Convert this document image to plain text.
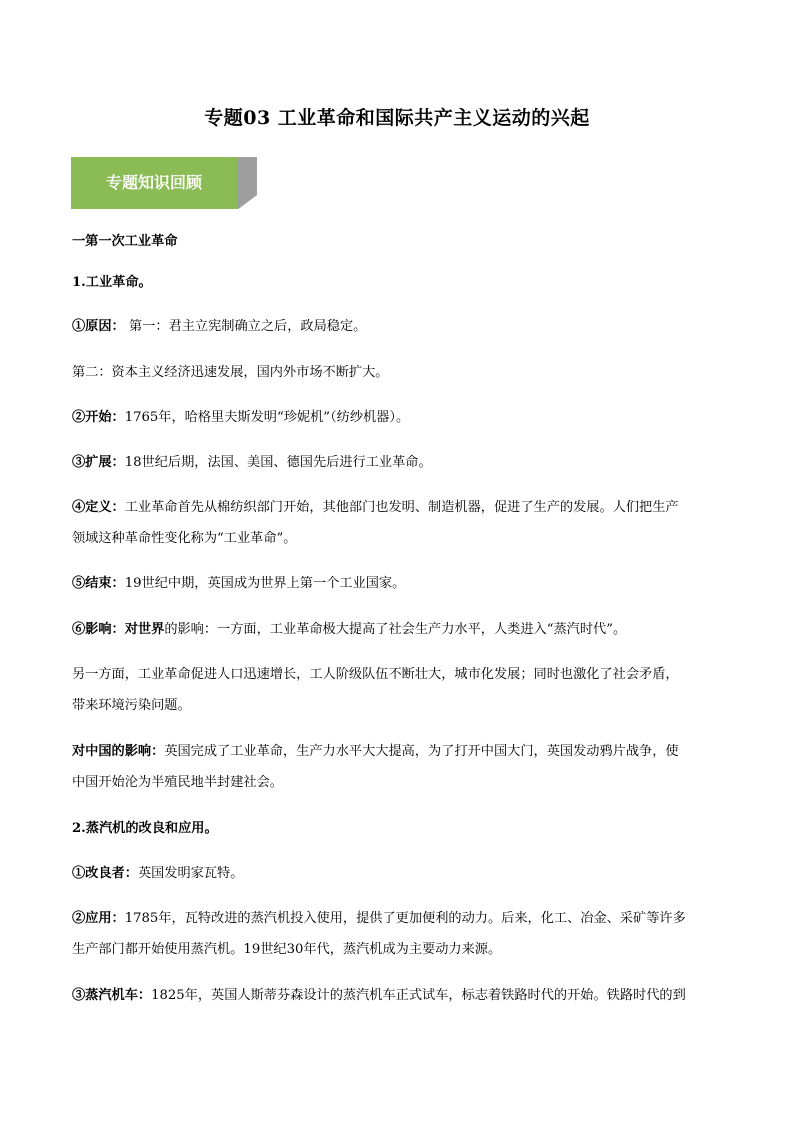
专题03 工业革命和国际共产主义运动的兴起
专题知识回顾

一第一次工业革命

1.工业革命。

①原因： 第一：君主立宪制确立之后，政局稳定。

第二：资本主义经济迅速发展，国内外市场不断扩大。

②开始：1765年，哈格里夫斯发明“珍妮机”（纺纱机器）。

③扩展：18世纪后期，法国、美国、德国先后进行工业革命。

④定义：工业革命首先从棉纺织部门开始，其他部门也发明、制造机器，促进了生产的发展。人们把生产

领域这种革命性变化称为“工业革命”。

⑤结束：19世纪中期，英国成为世界上第一个工业国家。

⑥影响：对世界的影响：一方面，工业革命极大提高了社会生产力水平，人类进入“蒸汽时代”。

另一方面，工业革命促进人口迅速增长，工人阶级队伍不断壮大，城市化发展；同时也激化了社会矛盾，

带来环境污染问题。

对中国的影响：英国完成了工业革命，生产力水平大大提高，为了打开中国大门，英国发动鸦片战争，使

中国开始沦为半殖民地半封建社会。

2.蒸汽机的改良和应用。

①改良者：英国发明家瓦特。

②应用：1785年，瓦特改进的蒸汽机投入使用，提供了更加便利的动力。后来，化工、冶金、采矿等许多

生产部门都开始使用蒸汽机。19世纪30年代，蒸汽机成为主要动力来源。

③蒸汽机车：1825年，英国人斯蒂芬森设计的蒸汽机车正式试车，标志着铁路时代的开始。铁路时代的到
